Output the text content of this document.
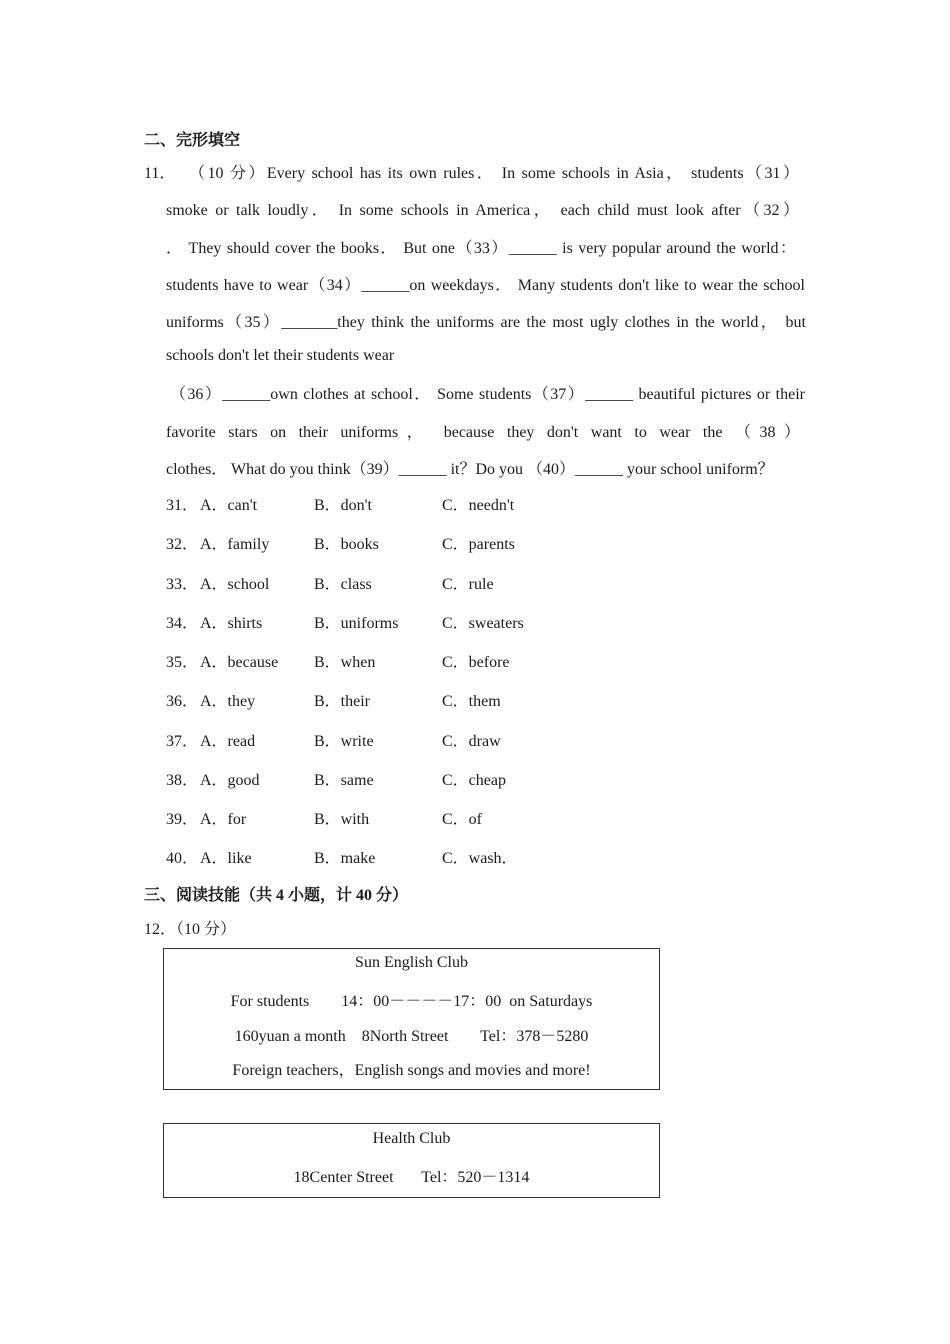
二、完形填空
11． （10 分）Every school has its own rules． In some schools in Asia， students（31）
smoke or talk loudly． In some schools in America， each child must look after（32）
． They should cover the books． But one（33）______ is very popular around the world：
students have to wear（34）______on weekdays． Many students don't like to wear the school
uniforms（35）_______they think the uniforms are the most ugly clothes in the world， but
schools don't let their students wear
（36）______own clothes at school． Some students（37）______ beautiful pictures or their
favorite stars on their uniforms， because they don't want to wear the （38）
clothes． What do you think（39）______ it？Do you （40）______ your school uniform？
31． A．can't	B．don't	C．needn't
32． A．family	B．books	C．parents
33． A．school	B．class	C．rule
34． A．shirts	B．uniforms	C．sweaters
35． A．because B．when	C．before
36． A．they	B．their	C．them
37． A．read	B．write	C．draw
38． A．good	B．same	C．cheap
39． A．for	B．with	C．of
40． A．like	B．make	C．wash．
三、阅读技能（共 4 小题，计 40 分）
12．（10 分）
Sun English Club
For students        14：00－－－－17：00  on Saturdays
160yuan a month    8North Street        Tel：378－5280
Foreign teachers，English songs and movies and more!
Health Club
18Center Street       Tel：520－1314
